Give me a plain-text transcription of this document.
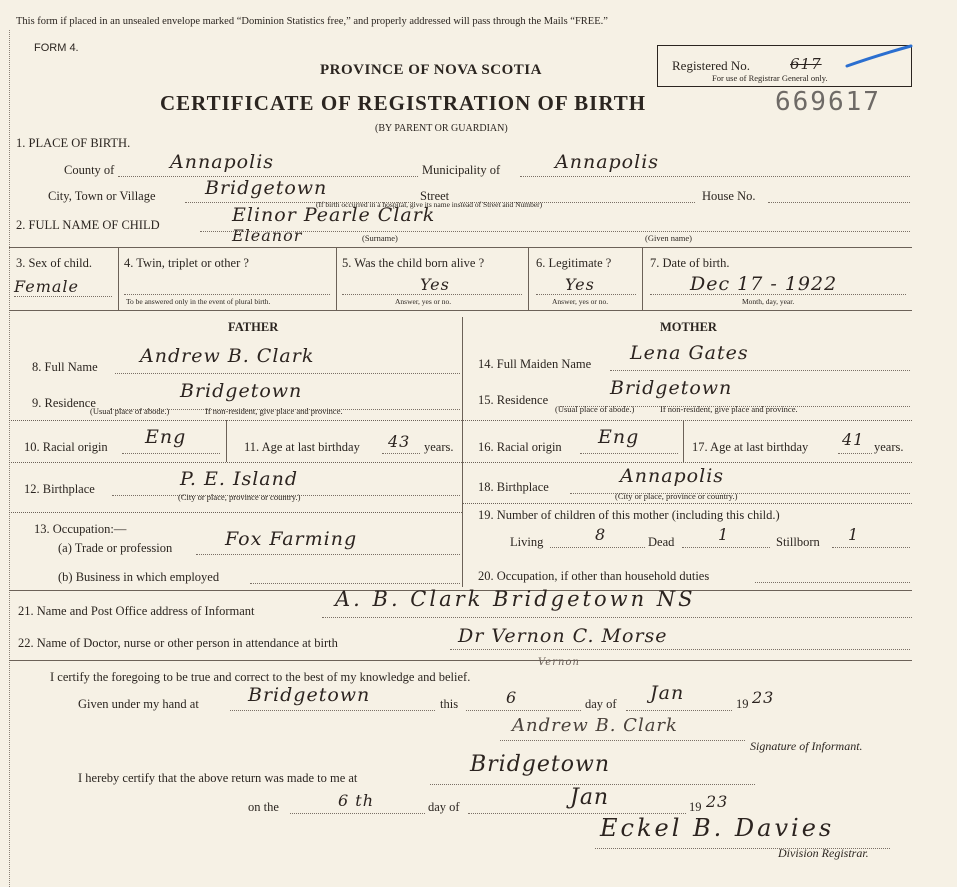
This form if placed in an unsealed envelope marked “Dominion Statistics free,” and properly addressed will pass through the Mails “FREE.”
FORM 4.
PROVINCE OF NOVA SCOTIA
CERTIFICATE OF REGISTRATION OF BIRTH
(BY PARENT OR GUARDIAN)
Registered No.	617
For use of Registrar General only.
669617
1. PLACE OF BIRTH.
County of	Annapolis	Municipality of	Annapolis
City, Town or Village	Bridgetown	Street
(If birth occurred in a hospital, give its name instead of Street and Number)
House No.
2. FULL NAME OF CHILD	Elinor Pearle Clark
Eleanor	(Surname)	(Given name)
3. Sex of child.
Female
4. Twin, triplet or other ?
To be answered only in the event of plural birth.
5. Was the child born alive ?
Yes
Answer, yes or no.
6. Legitimate ?
Yes
Answer, yes or no.
7. Date of birth.
Dec 17 - 1922
Month, day, year.
FATHER	MOTHER
8. Full Name Andrew B. Clark
9. Residence
Bridgetown
(Usual place of abode.)	If non-resident, give place and province.
10. Racial origin Eng	11. Age at last birthday 43 years.
12. Birthplace	P. E. Island
(City or place, province or country.)
14. Full Maiden Name Lena Gates
15. Residence
Bridgetown
(Usual place of abode.)	If non-resident, give place and province.
16. Racial origin Eng	17. Age at last birthday 41 years.
18. Birthplace	Annapolis
(City or place, province or country.)
19. Number of children of this mother (including this child.)
Living	8	Dead	1	Stillborn 1
20. Occupation, if other than household duties
13. Occupation:—
(a) Trade or profession	Fox Farming
(b) Business in which employed
21. Name and Post Office address of Informant	A. B. Clark Bridgetown NS
22. Name of Doctor, nurse or other person in attendance at birth	Dr Vernon C. Morse
Vernon
I certify the foregoing to be true and correct to the best of my knowledge and belief.
Given under my hand at	Bridgetown	this	6	day of Jan	19 23
Andrew B. Clark
Signature of Informant.
I hereby certify that the above return was made to me at
Bridgetown
on the	6 th	day of	Jan	19 23
Eckel B. Davies
Division Registrar.
